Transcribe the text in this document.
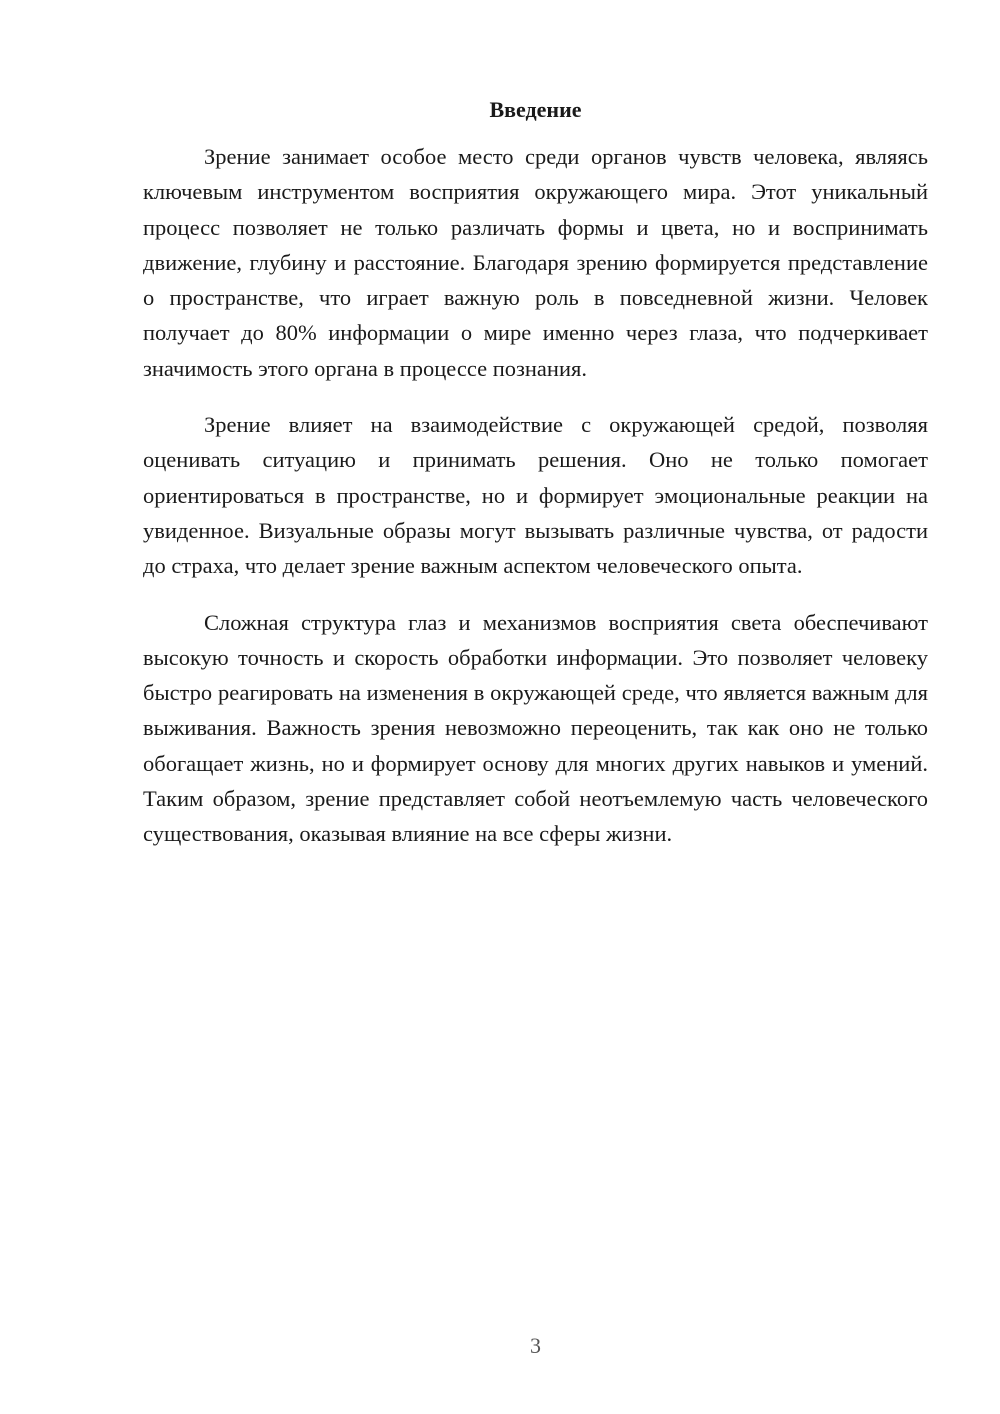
Введение

Зрение занимает особое место среди органов чувств человека, являясь ключевым инструментом восприятия окружающего мира. Этот уникальный процесс позволяет не только различать формы и цвета, но и воспринимать движение, глубину и расстояние. Благодаря зрению формируется представление о пространстве, что играет важную роль в повседневной жизни. Человек получает до 80% информации о мире именно через глаза, что подчеркивает значимость этого органа в процессе познания.

Зрение влияет на взаимодействие с окружающей средой, позволяя оценивать ситуацию и принимать решения. Оно не только помогает ориентироваться в пространстве, но и формирует эмоциональные реакции на увиденное. Визуальные образы могут вызывать различные чувства, от радости до страха, что делает зрение важным аспектом человеческого опыта.

Сложная структура глаз и механизмов восприятия света обеспечивают высокую точность и скорость обработки информации. Это позволяет человеку быстро реагировать на изменения в окружающей среде, что является важным для выживания. Важность зрения невозможно переоценить, так как оно не только обогащает жизнь, но и формирует основу для многих других навыков и умений. Таким образом, зрение представляет собой неотъемлемую часть человеческого существования, оказывая влияние на все сферы жизни.

3
